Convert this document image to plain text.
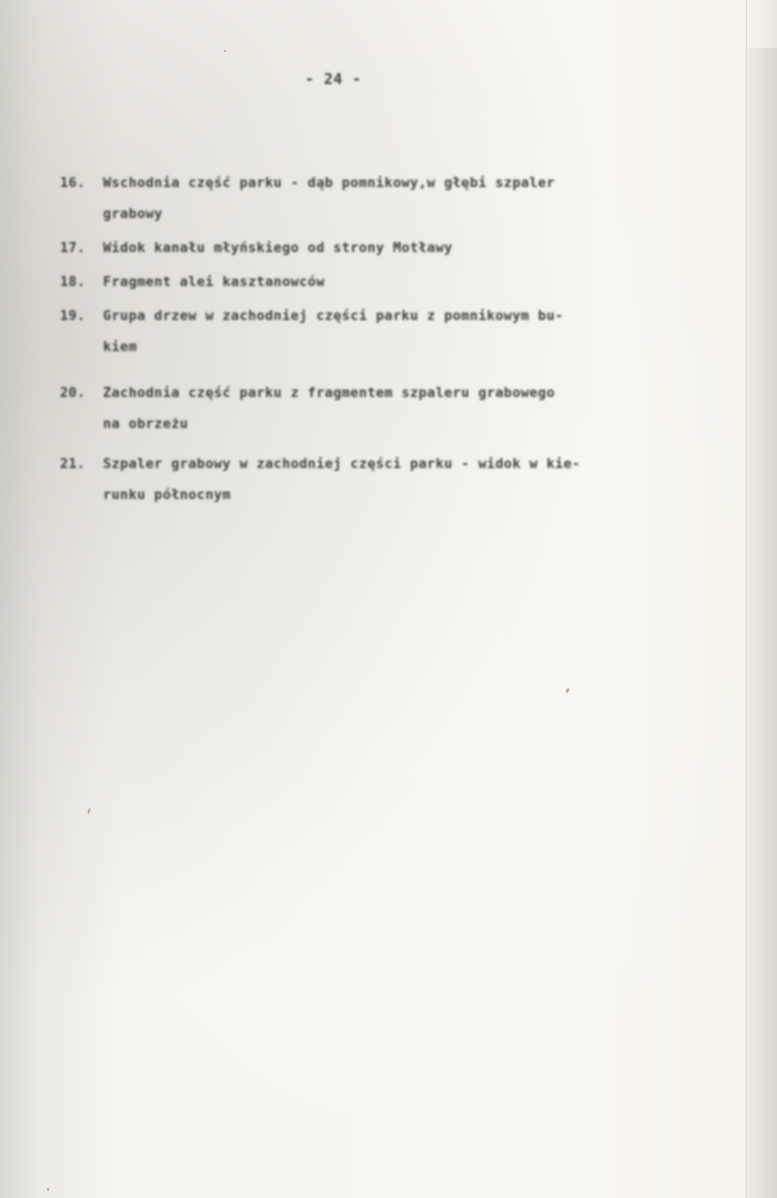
- 24 -
16.	Wschodnia część parku - dąb pomnikowy,w głębi szpaler
grabowy
17.	Widok kanału młyńskiego od strony Motławy
18.	Fragment alei kasztanowców
19.	Grupa drzew w zachodniej części parku z pomnikowym bu-
kiem
20.	Zachodnia część parku z fragmentem szpaleru grabowego
na obrzeżu
21.	Szpaler grabowy w zachodniej części parku - widok w kie-
runku północnym
